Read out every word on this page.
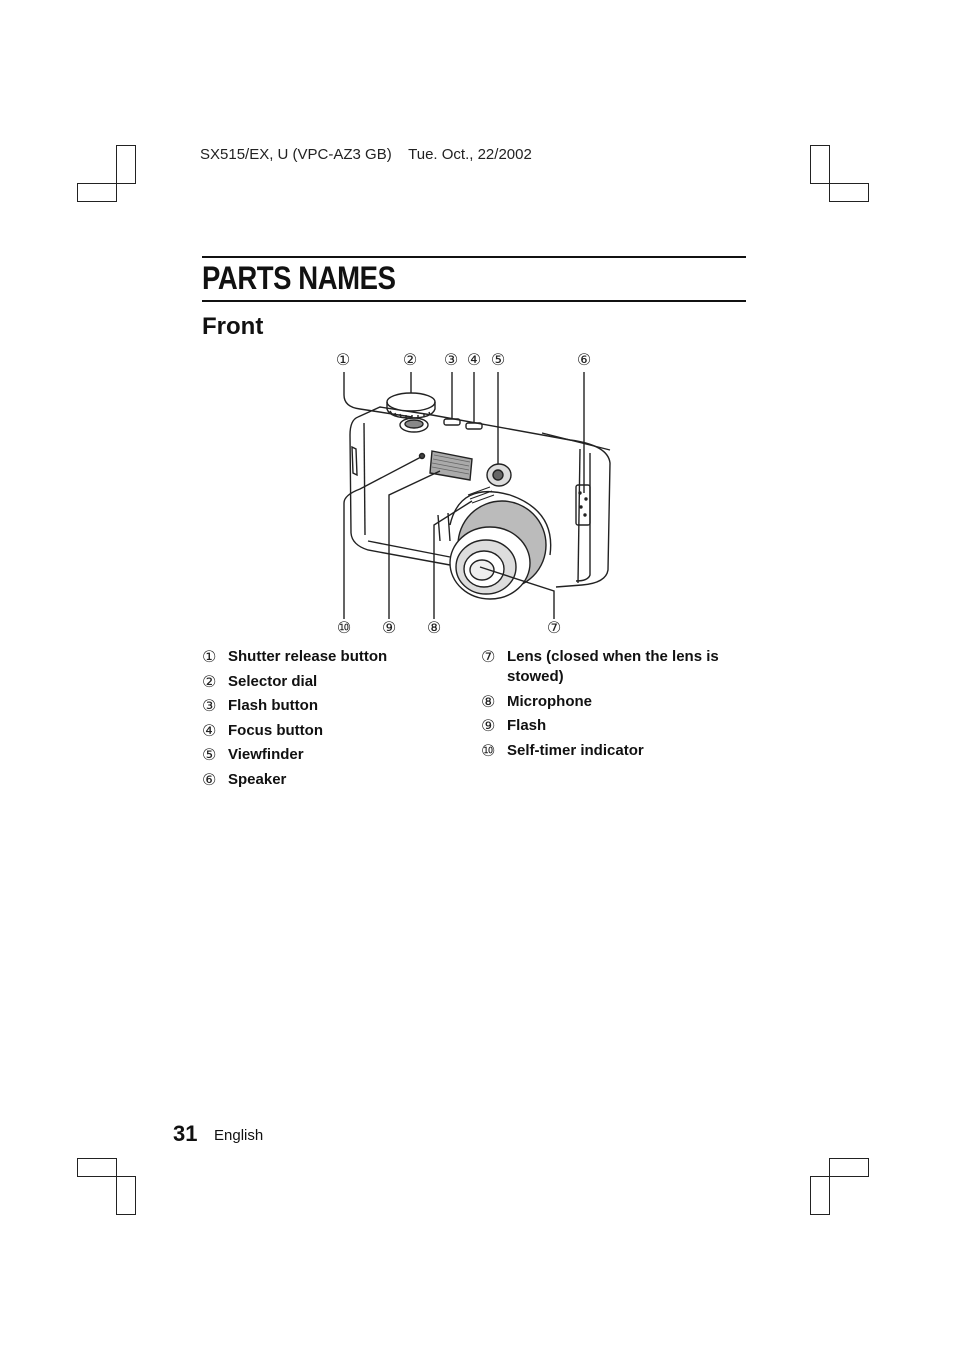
SX515/EX, U (VPC-AZ3 GB)    Tue. Oct., 22/2002
PARTS NAMES
Front
①	② ③ ④ ⑤	⑥
⑩ ⑨ ⑧	⑦
① Shutter release button
② Selector dial
③ Flash button
④ Focus button
⑤ Viewfinder
⑥ Speaker
⑦ Lens (closed when the lens is stowed)
⑧ Microphone
⑨ Flash
⑩ Self-timer indicator
31 English
